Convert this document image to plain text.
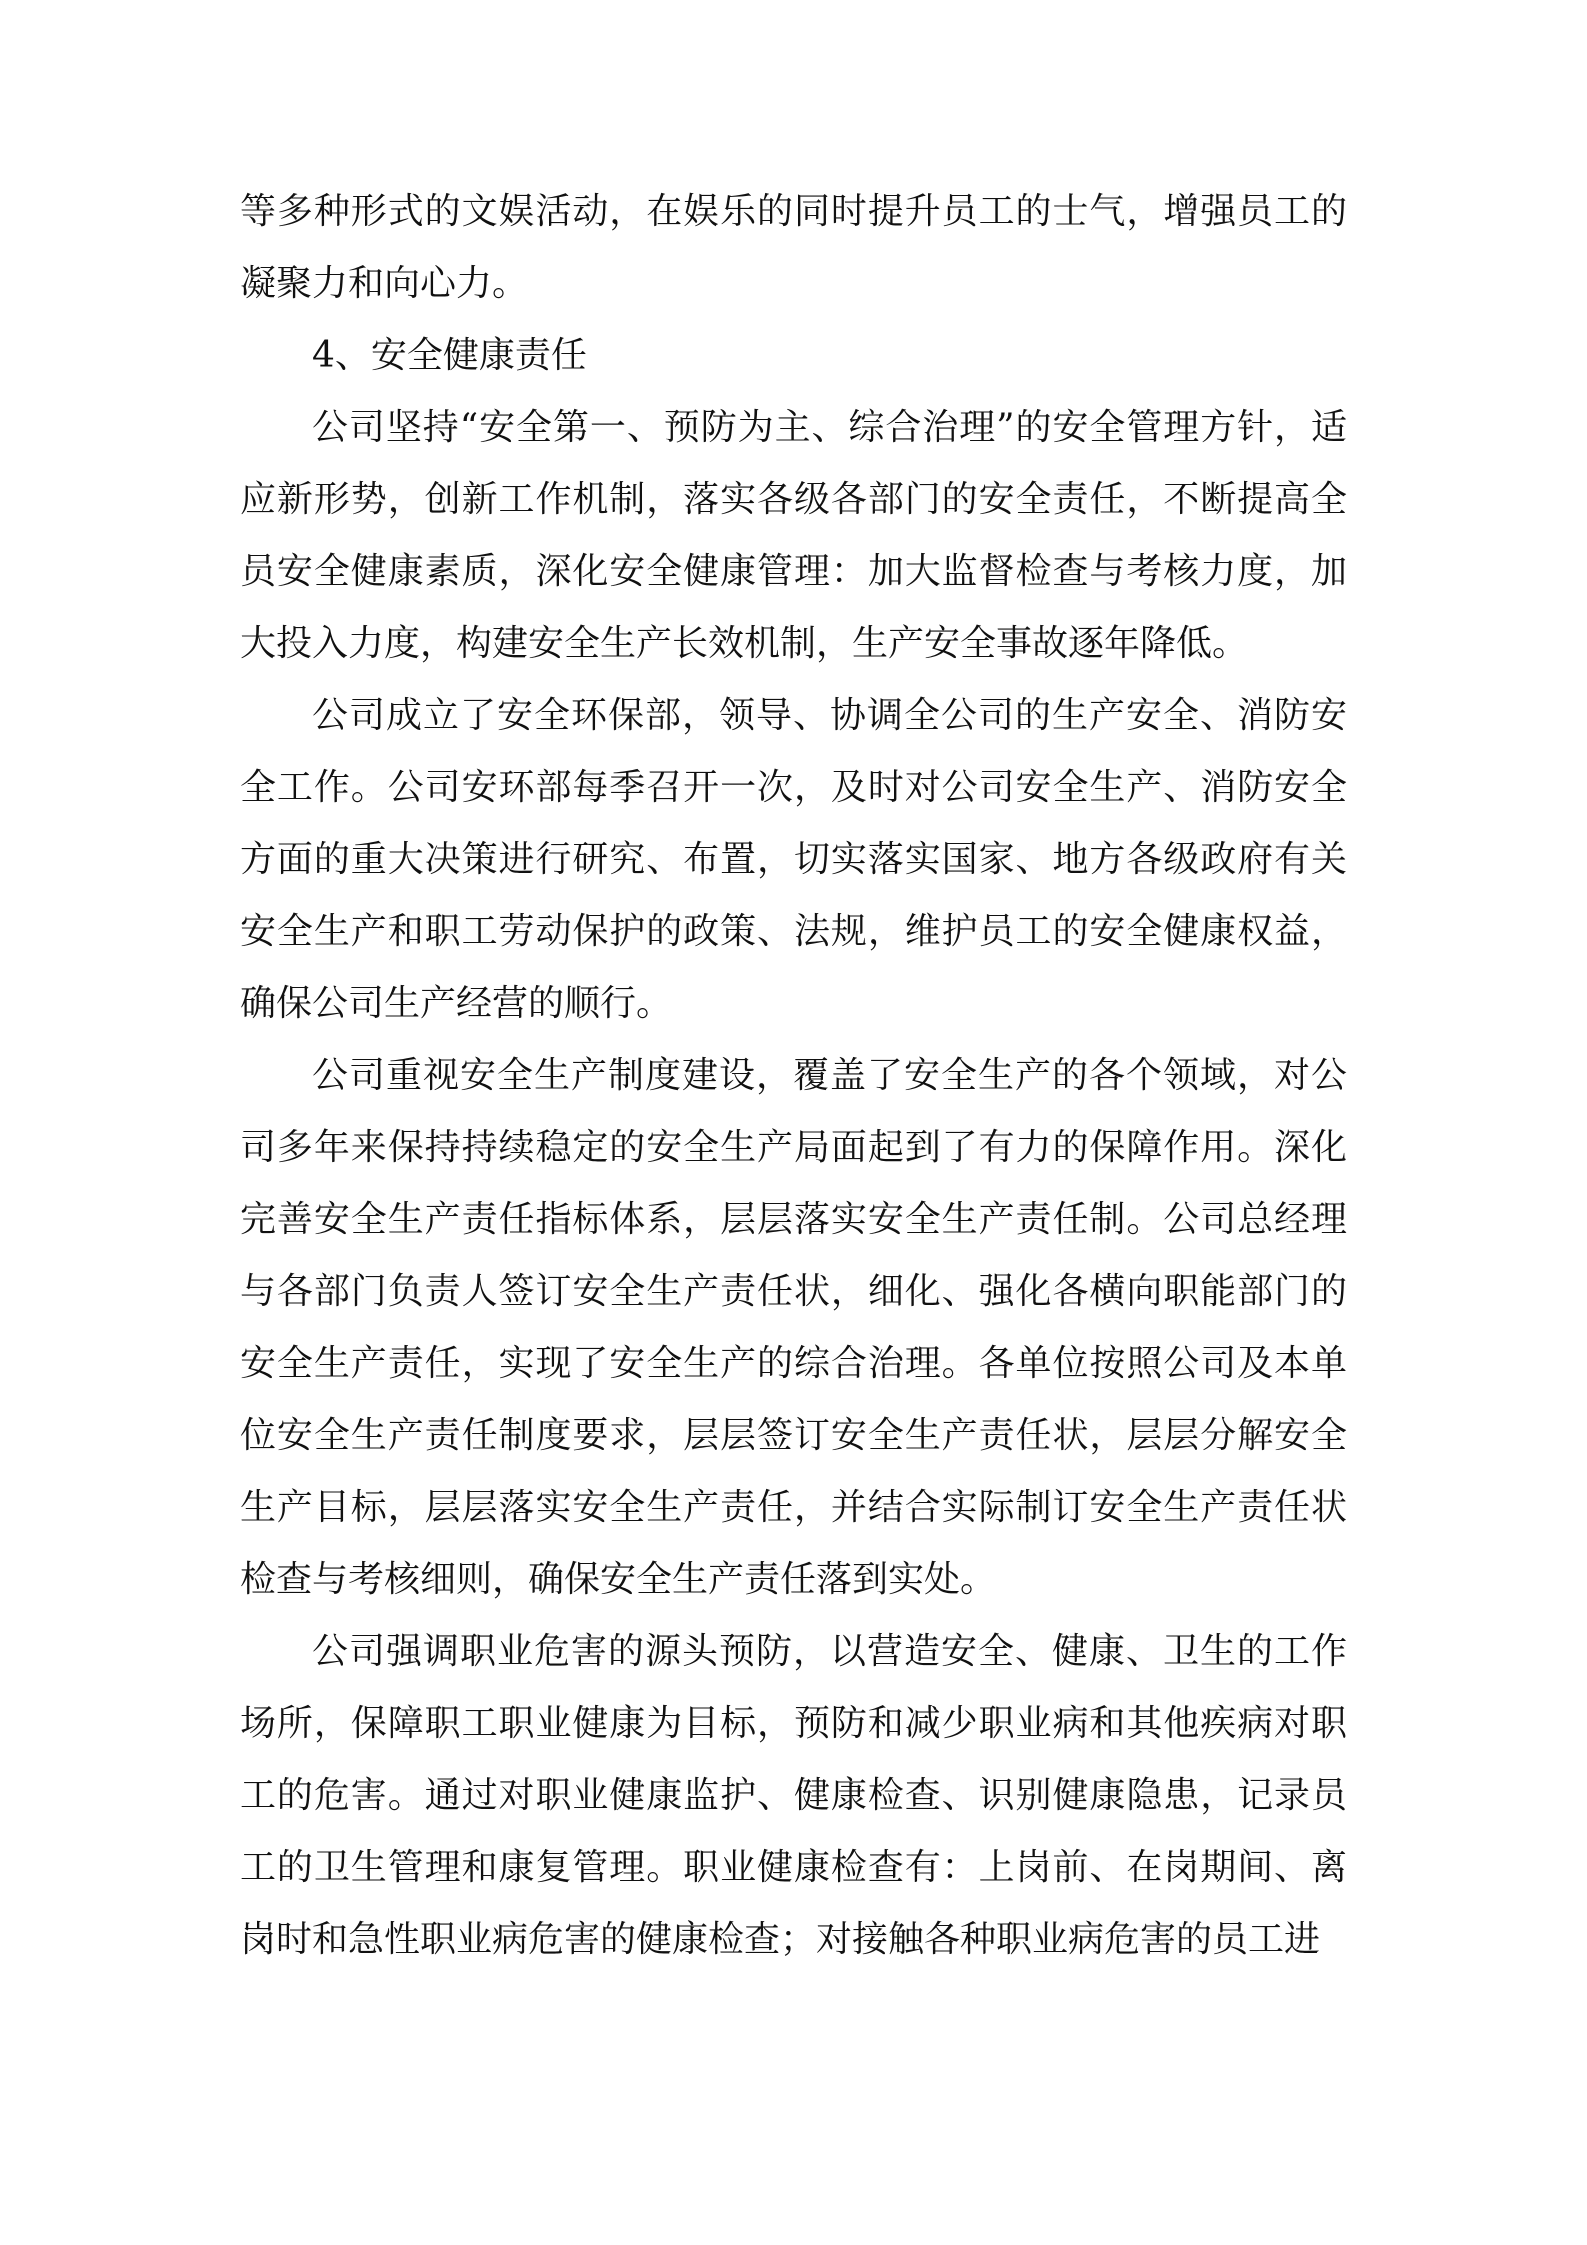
等多种形式的文娱活动，在娱乐的同时提升员工的士气，增强员工的凝聚力和向心力。

4、安全健康责任

公司坚持“安全第一、预防为主、综合治理”的安全管理方针，适应新形势，创新工作机制，落实各级各部门的安全责任，不断提高全员安全健康素质，深化安全健康管理：加大监督检查与考核力度，加大投入力度，构建安全生产长效机制，生产安全事故逐年降低。

公司成立了安全环保部，领导、协调全公司的生产安全、消防安全工作。公司安环部每季召开一次，及时对公司安全生产、消防安全方面的重大决策进行研究、布置，切实落实国家、地方各级政府有关安全生产和职工劳动保护的政策、法规，维护员工的安全健康权益，确保公司生产经营的顺行。

公司重视安全生产制度建设，覆盖了安全生产的各个领域，对公司多年来保持持续稳定的安全生产局面起到了有力的保障作用。深化完善安全生产责任指标体系，层层落实安全生产责任制。公司总经理与各部门负责人签订安全生产责任状，细化、强化各横向职能部门的安全生产责任，实现了安全生产的综合治理。各单位按照公司及本单位安全生产责任制度要求，层层签订安全生产责任状，层层分解安全生产目标，层层落实安全生产责任，并结合实际制订安全生产责任状检查与考核细则，确保安全生产责任落到实处。

公司强调职业危害的源头预防，以营造安全、健康、卫生的工作场所，保障职工职业健康为目标，预防和减少职业病和其他疾病对职工的危害。通过对职业健康监护、健康检查、识别健康隐患，记录员工的卫生管理和康复管理。职业健康检查有：上岗前、在岗期间、离岗时和急性职业病危害的健康检查；对接触各种职业病危害的员工进
